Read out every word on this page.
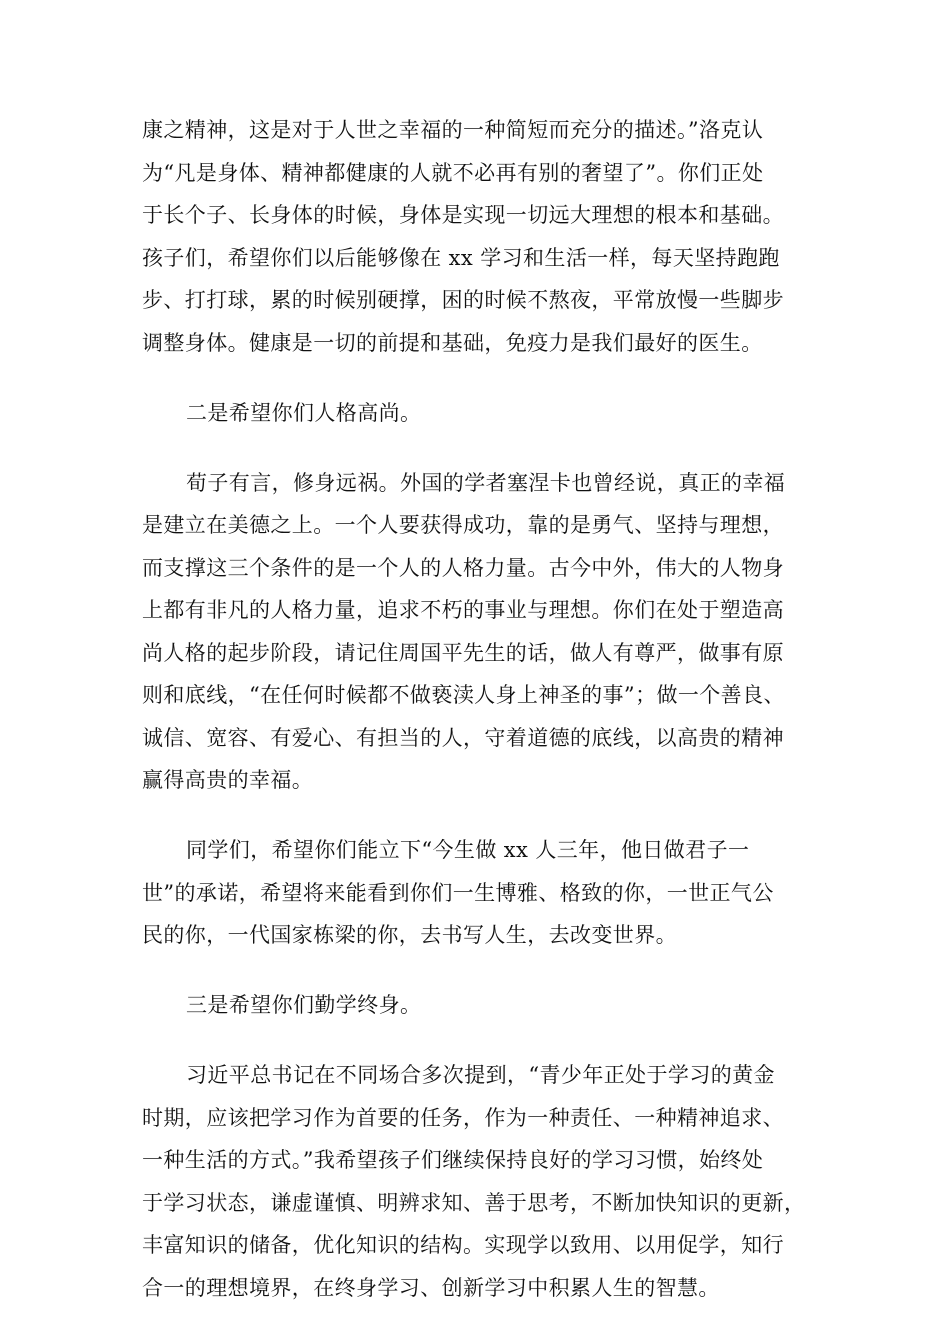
康之精神，这是对于人世之幸福的一种简短而充分的描述。”洛克认
为“凡是身体、精神都健康的人就不必再有别的奢望了”。你们正处
于长个子、长身体的时候，身体是实现一切远大理想的根本和基础。
孩子们，希望你们以后能够像在 xx 学习和生活一样，每天坚持跑跑
步、打打球，累的时候别硬撑，困的时候不熬夜，平常放慢一些脚步
调整身体。健康是一切的前提和基础，免疫力是我们最好的医生。
二是希望你们人格高尚。
荀子有言，修身远祸。外国的学者塞涅卡也曾经说，真正的幸福
是建立在美德之上。一个人要获得成功，靠的是勇气、坚持与理想，
而支撑这三个条件的是一个人的人格力量。古今中外，伟大的人物身
上都有非凡的人格力量，追求不朽的事业与理想。你们在处于塑造高
尚人格的起步阶段，请记住周国平先生的话，做人有尊严，做事有原
则和底线，“在任何时候都不做亵渎人身上神圣的事”；做一个善良、
诚信、宽容、有爱心、有担当的人，守着道德的底线，以高贵的精神
赢得高贵的幸福。
同学们，希望你们能立下“今生做 xx 人三年，他日做君子一
世”的承诺，希望将来能看到你们一生博雅、格致的你，一世正气公
民的你，一代国家栋梁的你，去书写人生，去改变世界。
三是希望你们勤学终身。
习近平总书记在不同场合多次提到，“青少年正处于学习的黄金
时期，应该把学习作为首要的任务，作为一种责任、一种精神追求、
一种生活的方式。”我希望孩子们继续保持良好的学习习惯，始终处
于学习状态，谦虚谨慎、明辨求知、善于思考，不断加快知识的更新，
丰富知识的储备，优化知识的结构。实现学以致用、以用促学，知行
合一的理想境界，在终身学习、创新学习中积累人生的智慧。
